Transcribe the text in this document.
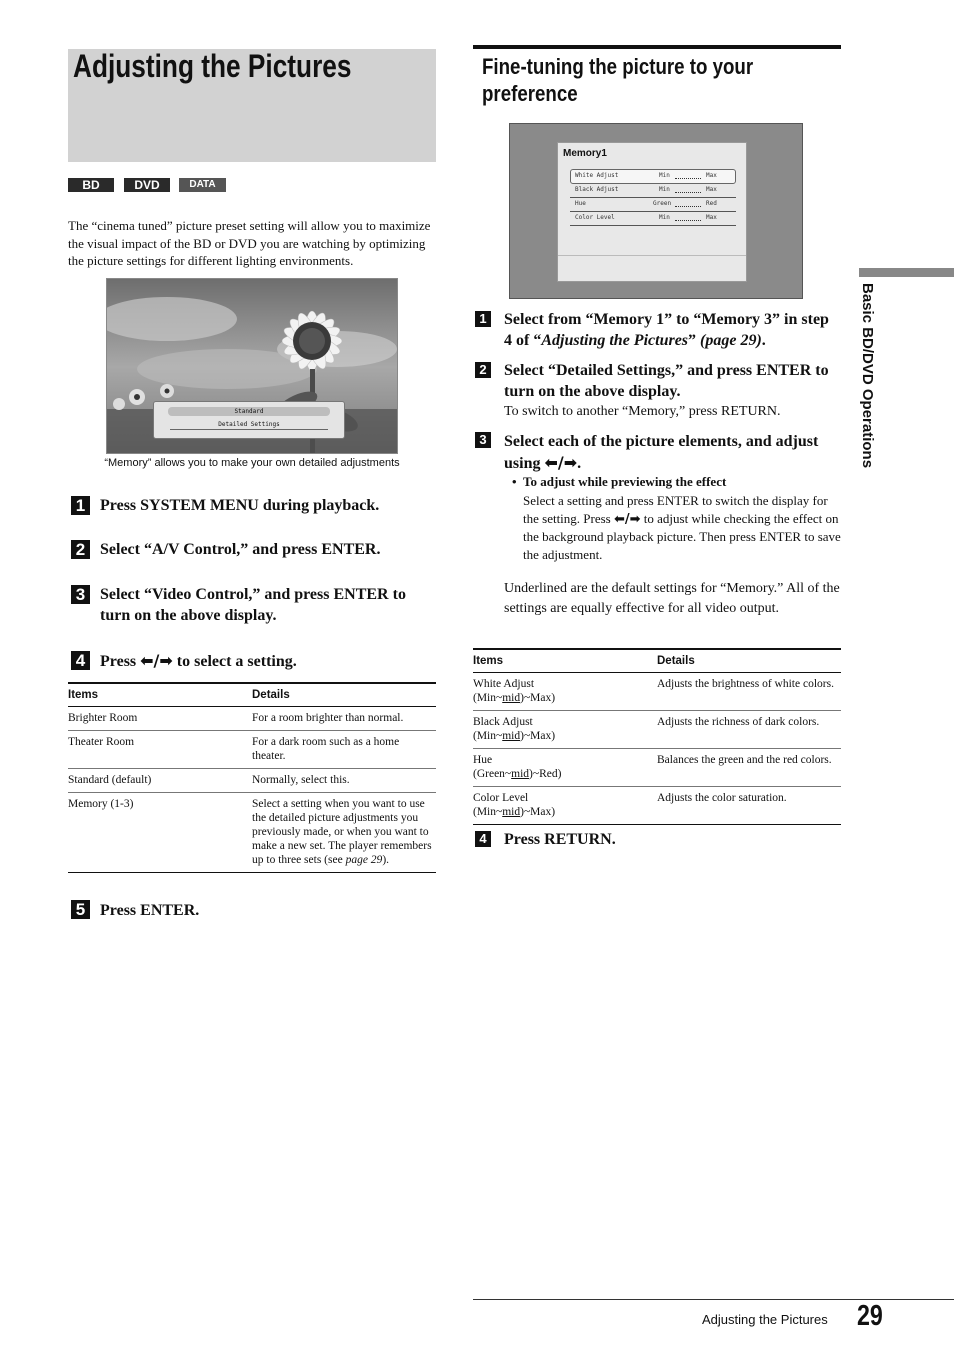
Adjusting the Pictures
BD	DVD	DATA DVD

The “cinema tuned” picture preset setting will allow you to maximize the visual impact of the BD or DVD you are watching by optimizing the picture settings for different lighting environments.

Standard
Detailed Settings
“Memory” allows you to make your own detailed adjustments
1 Press SYSTEM MENU during playback.
2 Select “A/V Control,” and press ENTER.
3 Select “Video Control,” and press ENTER to turn on the above display.
4 Press ⬅/➡ to select a setting.
Items	Details
Brighter Room	For a room brighter than normal.
Theater Room	For a dark room such as a home theater.
Standard (default)	Normally, select this.
Memory (1-3)	Select a setting when you want to use the detailed picture adjustments you previously made, or when you want to make a new set. The player remembers up to three sets (see page 29).
5 Press ENTER.
Fine-tuning the picture to your preference
Memory1
White Adjust	Min	Max
Black Adjust	Min	Max
Hue	Green	Red
Color Level	Min	Max
1 Select from “Memory 1” to “Memory 3” in step 4 of “Adjusting the Pictures” (page 29).
2 Select “Detailed Settings,” and press ENTER to turn on the above display.
To switch to another “Memory,” press RETURN.
3 Select each of the picture elements, and adjust using ⬅/➡.
• To adjust while previewing the effect
Select a setting and press ENTER to switch the display for the setting. Press ⬅/➡ to adjust while checking the effect on the background playback picture. Then press ENTER to save the adjustment.
Underlined are the default settings for “Memory.” All of the settings are equally effective for all video output.
Items	Details
White Adjust
(Min~mid)~Max)	Adjusts the brightness of white colors.
Black Adjust
(Min~mid)~Max)	Adjusts the richness of dark colors.
Hue
(Green~mid)~Red)	Balances the green and the red colors.
Color Level
(Min~mid)~Max)	Adjusts the color saturation.
4 Press RETURN.
Basic BD/DVD Operations
Adjusting the Pictures 29
